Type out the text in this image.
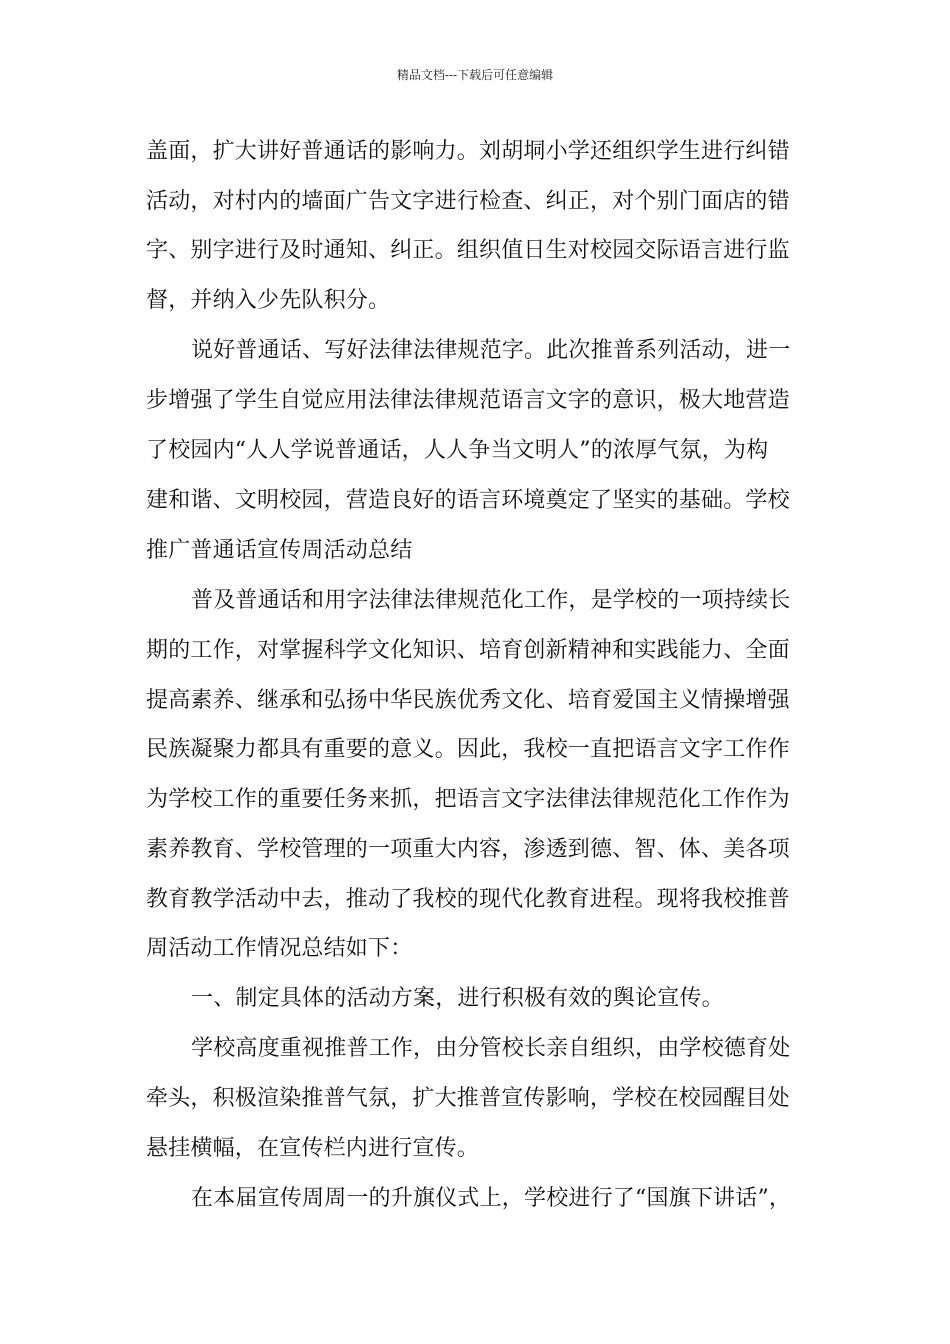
精品文档---下载后可任意编辑
盖面，扩大讲好普通话的影响力。刘胡垌小学还组织学生进行纠错
活动，对村内的墙面广告文字进行检查、纠正，对个别门面店的错
字、别字进行及时通知、纠正。组织值日生对校园交际语言进行监
督，并纳入少先队积分。
说好普通话、写好法律法律规范字。此次推普系列活动，进一
步增强了学生自觉应用法律法律规范语言文字的意识，极大地营造
了校园内“人人学说普通话，人人争当文明人”的浓厚气氛，为构
建和谐、文明校园，营造良好的语言环境奠定了坚实的基础。学校
推广普通话宣传周活动总结
普及普通话和用字法律法律规范化工作，是学校的一项持续长
期的工作，对掌握科学文化知识、培育创新精神和实践能力、全面
提高素养、继承和弘扬中华民族优秀文化、培育爱国主义情操增强
民族凝聚力都具有重要的意义。因此，我校一直把语言文字工作作
为学校工作的重要任务来抓，把语言文字法律法律规范化工作作为
素养教育、学校管理的一项重大内容，渗透到德、智、体、美各项
教育教学活动中去，推动了我校的现代化教育进程。现将我校推普
周活动工作情况总结如下：
一、制定具体的活动方案，进行积极有效的舆论宣传。
学校高度重视推普工作，由分管校长亲自组织，由学校德育处
牵头，积极渲染推普气氛，扩大推普宣传影响，学校在校园醒目处
悬挂横幅，在宣传栏内进行宣传。
在本届宣传周周一的升旗仪式上，学校进行了“国旗下讲话”，
